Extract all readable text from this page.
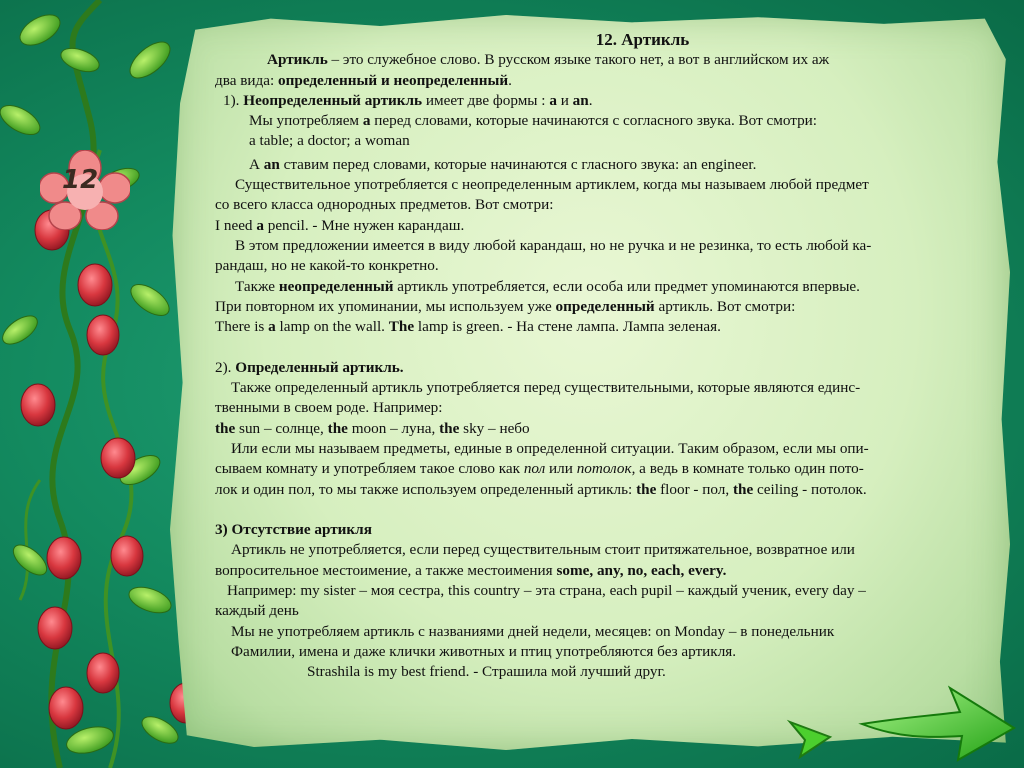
12

12. Артикль

Артикль – это служебное слово. В русском языке такого нет, а вот в английском их аж

два вида: определенный и неопределенный.

1). Неопределенный артикль имеет две формы : a и an.

Мы употребляем a перед словами, которые начинаются с согласного звука. Вот смотри:

a table; a doctor; a woman

А an ставим перед словами, которые начинаются с гласного звука: an engineer.

Существительное употребляется с неопределенным артиклем, когда мы называем любой предмет

со всего класса однородных предметов. Вот смотри:

I need a pencil. - Мне нужен карандаш.

В этом предложении имеется в виду любой карандаш, но не ручка и не резинка, то есть любой ка-

рандаш, но не какой-то конкретно.

Также неопределенный артикль употребляется, если особа или предмет упоминаются впервые.

При повторном их упоминании, мы используем уже определенный артикль. Вот смотри:

There is a lamp on the wall. The lamp is green. - На стене лампа. Лампа зеленая.

2). Определенный артикль.

Также определенный артикль употребляется перед существительными, которые являются единс-

твенными в своем роде. Например:

the sun – солнце, the moon – луна, the sky – небо

Или если мы называем предметы, единые в определенной ситуации. Таким образом, если мы опи-

сываем комнату и употребляем такое слово как пол или потолок, а ведь в комнате только один пото-

лок и один пол, то мы также используем определенный артикль: the floor - пол, the ceiling - потолок.

3) Отсутствие артикля

Артикль не употребляется, если перед существительным стоит притяжательное, возвратное или

вопросительное местоимение, а также местоимения some, any, no, each, every.

Например: my sister – моя сестра, this country – эта страна, each pupil – каждый ученик, every day –

каждый день

Мы не употребляем артикль с названиями дней недели, месяцев: on Monday – в понедельник

Фамилии, имена и даже клички животных и птиц употребляются без артикля.

Strashila is my best friend. - Страшила мой лучший друг.
